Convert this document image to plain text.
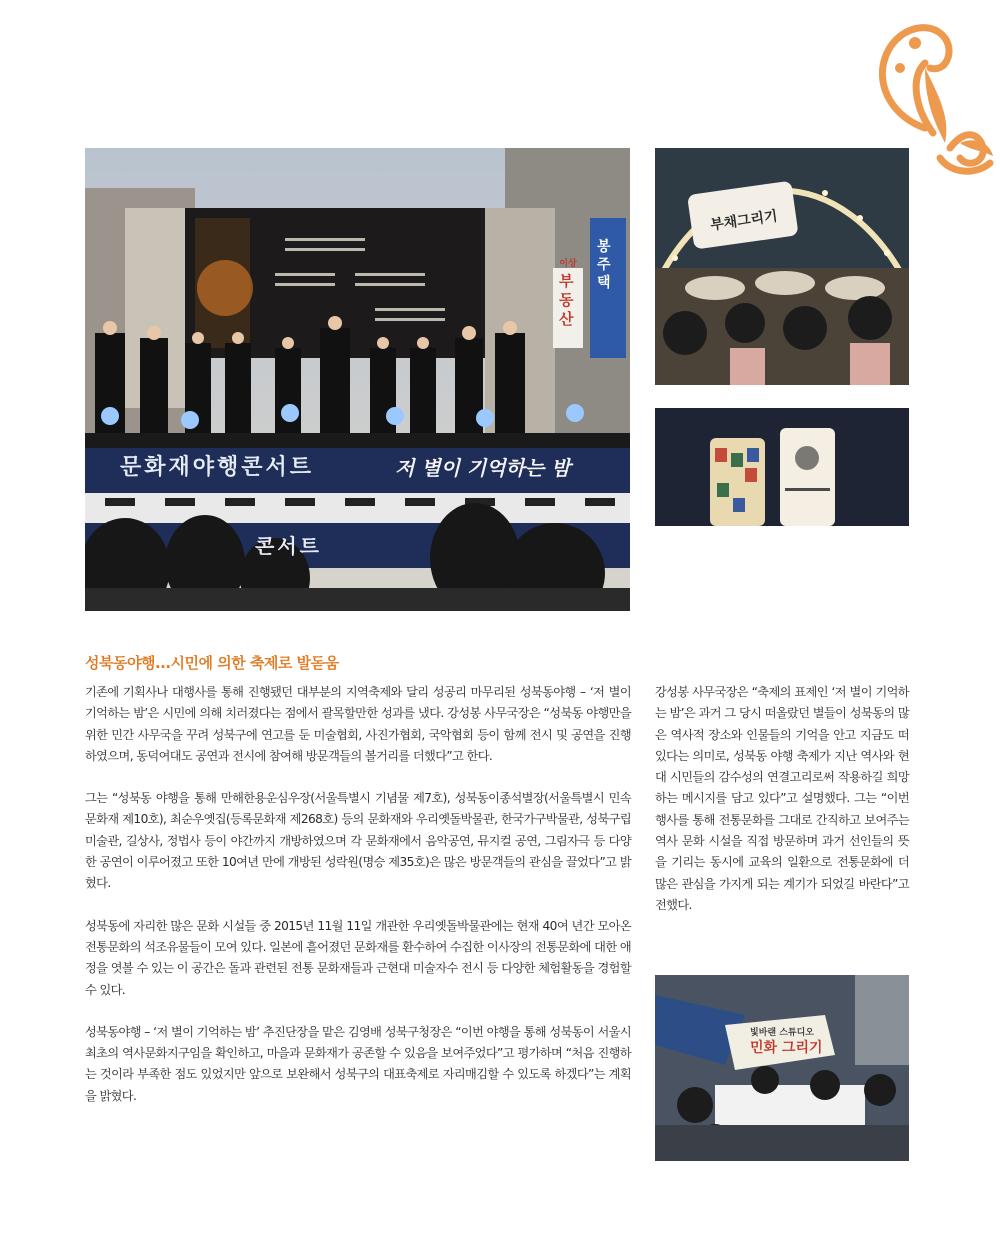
문화재야행콘서트	저 별이 기억하는 밤
콘서트
이상
부동산
봉주택
부채그리기
빛바랜 스튜디오
민화 그리기
성북동야행...시민에 의한 축제로 발돋움

기존에 기획사나 대행사를 통해 진행됐던 대부분의 지역축제와 달리 성공리 마무리된 성북동야행 – ‘저 별이 기억하는 밤’은 시민에 의해 치러졌다는 점에서 괄목할만한 성과를 냈다. 강성봉 사무국장은 “성북동 야행만을 위한 민간 사무국을 꾸려 성북구에 연고를 둔 미술협회, 사진가협회, 국악협회 등이 함께 전시 및 공연을 진행하였으며, 동덕여대도 공연과 전시에 참여해 방문객들의 볼거리를 더했다”고 한다.

그는 “성북동 야행을 통해 만해한용운심우장(서울특별시 기념물 제7호), 성북동이종석별장(서울특별시 민속 문화재 제10호), 최순우옛집(등록문화재 제268호) 등의 문화재와 우리옛돌박물관, 한국가구박물관, 성북구립미술관, 길상사, 정법사 등이 야간까지 개방하였으며 각 문화재에서 음악공연, 뮤지컬 공연, 그림자극 등 다양한 공연이 이루어졌고 또한 10여년 만에 개방된 성락원(명승 제35호)은 많은 방문객들의 관심을 끌었다”고 밝혔다.

성북동에 자리한 많은 문화 시설들 중 2015년 11월 11일 개관한 우리옛돌박물관에는 현재 40여 년간 모아온 전통문화의 석조유물들이 모여 있다. 일본에 흩어졌던 문화재를 환수하여 수집한 이사장의 전통문화에 대한 애정을 엿볼 수 있는 이 공간은 돌과 관련된 전통 문화재들과 근현대 미술자수 전시 등 다양한 체험활동을 경험할 수 있다.

성북동야행 – ‘저 별이 기억하는 밤’ 추진단장을 맡은 김영배 성북구청장은 “이번 야행을 통해 성북동이 서울시 최초의 역사문화지구임을 확인하고, 마을과 문화재가 공존할 수 있음을 보여주었다”고 평가하며 “처음 진행하는 것이라 부족한 점도 있었지만 앞으로 보완해서 성북구의 대표축제로 자리매김할 수 있도록 하겠다”는 계획을 밝혔다.

강성봉 사무국장은 “축제의 표제인 ‘저 별이 기억하는 밤’은 과거 그 당시 떠올랐던 별들이 성북동의 많은 역사적 장소와 인물들의 기억을 안고 지금도 떠 있다는 의미로, 성북동 야행 축제가 지난 역사와 현대 시민들의 감수성의 연결고리로써 작용하길 희망하는 메시지를 담고 있다”고 설명했다. 그는 “이번 행사를 통해 전통문화를 그대로 간직하고 보여주는 역사 문화 시설을 직접 방문하며 과거 선인들의 뜻을 기리는 동시에 교육의 일환으로 전통문화에 더 많은 관심을 가지게 되는 계기가 되었길 바란다”고 전했다.
